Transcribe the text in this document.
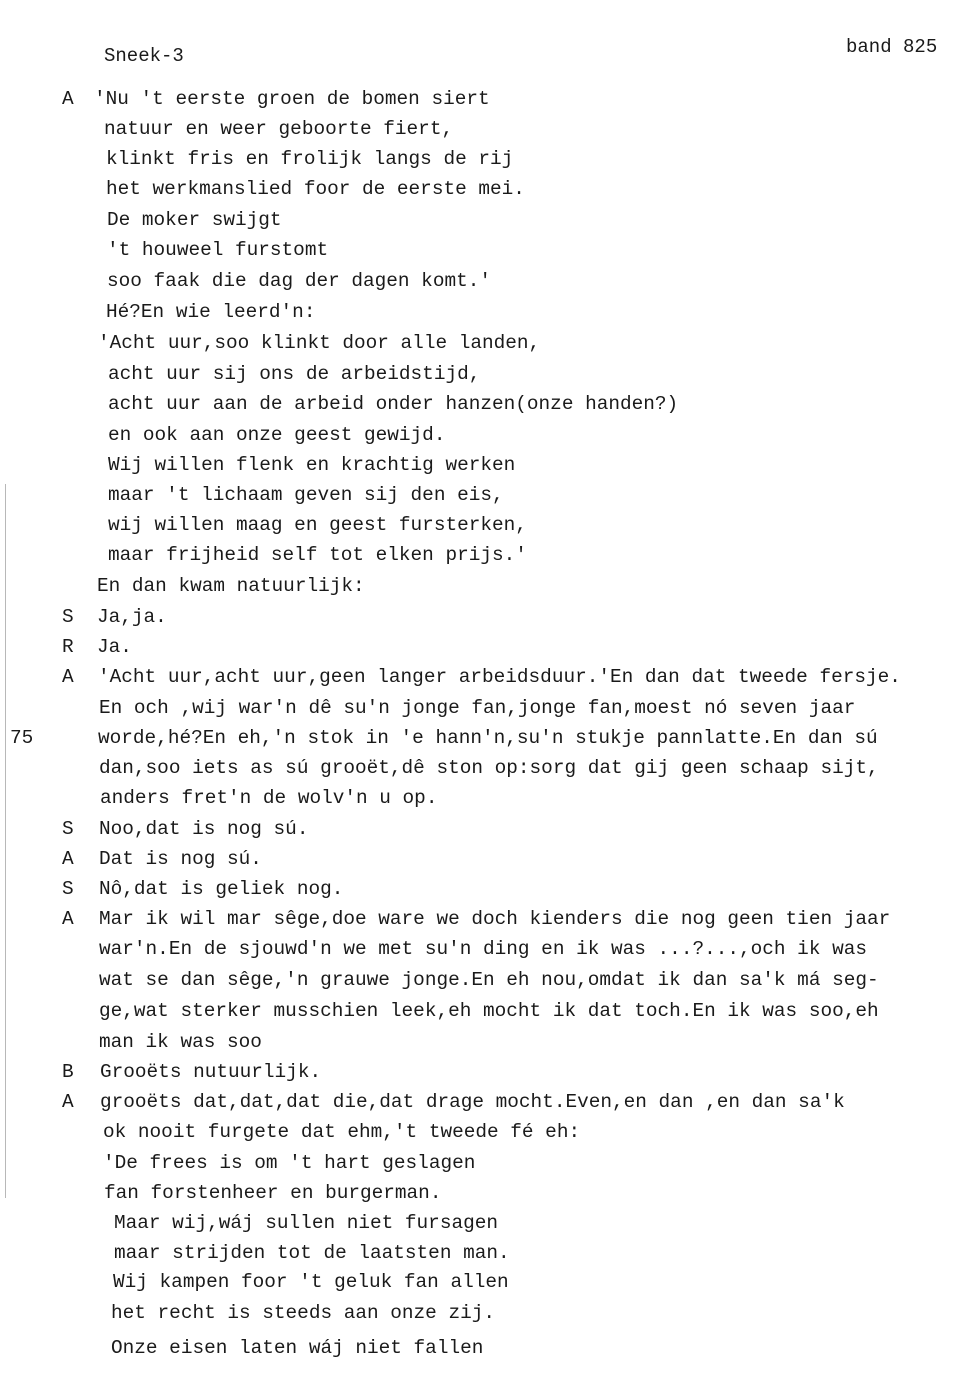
Sneek-3	band 825
A	'Nu 't eerste groen de bomen siert
natuur en weer geboorte fiert,
klinkt fris en frolijk langs de rij
het werkmanslied foor de eerste mei.
De moker swijgt
't houweel furstomt
soo faak die dag der dagen komt.'
Hé?En wie leerd'n:
'Acht uur,soo klinkt door alle landen,
acht uur sij ons de arbeidstijd,
acht uur aan de arbeid onder hanzen(onze handen?)
en ook aan onze geest gewijd.
Wij willen flenk en krachtig werken
maar 't lichaam geven sij den eis,
wij willen maag en geest fursterken,
maar frijheid self tot elken prijs.'
En dan kwam natuurlijk:
S	Ja,ja.
R	Ja.
A	'Acht uur,acht uur,geen langer arbeidsduur.'En dan dat tweede fersje.
En och ,wij war'n dê su'n jonge fan,jonge fan,moest nó seven jaar
75	worde,hé?En eh,'n stok in 'e hann'n,su'n stukje pannlatte.En dan sú
dan,soo iets as sú grooët,dê ston op:sorg dat gij geen schaap sijt,
anders fret'n de wolv'n u op.
S	Noo,dat is nog sú.
A	Dat is nog sú.
S	Nô,dat is geliek nog.
A	Mar ik wil mar sêge,doe ware we doch kienders die nog geen tien jaar
war'n.En de sjouwd'n we met su'n ding en ik was ...?...,och ik was
wat se dan sêge,'n grauwe jonge.En eh nou,omdat ik dan sa'k má seg-
ge,wat sterker musschien leek,eh mocht ik dat toch.En ik was soo,eh
man ik was soo
B	Grooëts nutuurlijk.
A	grooëts dat,dat,dat die,dat drage mocht.Even,en dan ,en dan sa'k
ok nooit furgete dat ehm,'t tweede fé eh:
'De frees is om 't hart geslagen
fan forstenheer en burgerman.
Maar wij,wáj sullen niet fursagen
maar strijden tot de laatsten man.
Wij kampen foor 't geluk fan allen
het recht is steeds aan onze zij.
Onze eisen laten wáj niet fallen
